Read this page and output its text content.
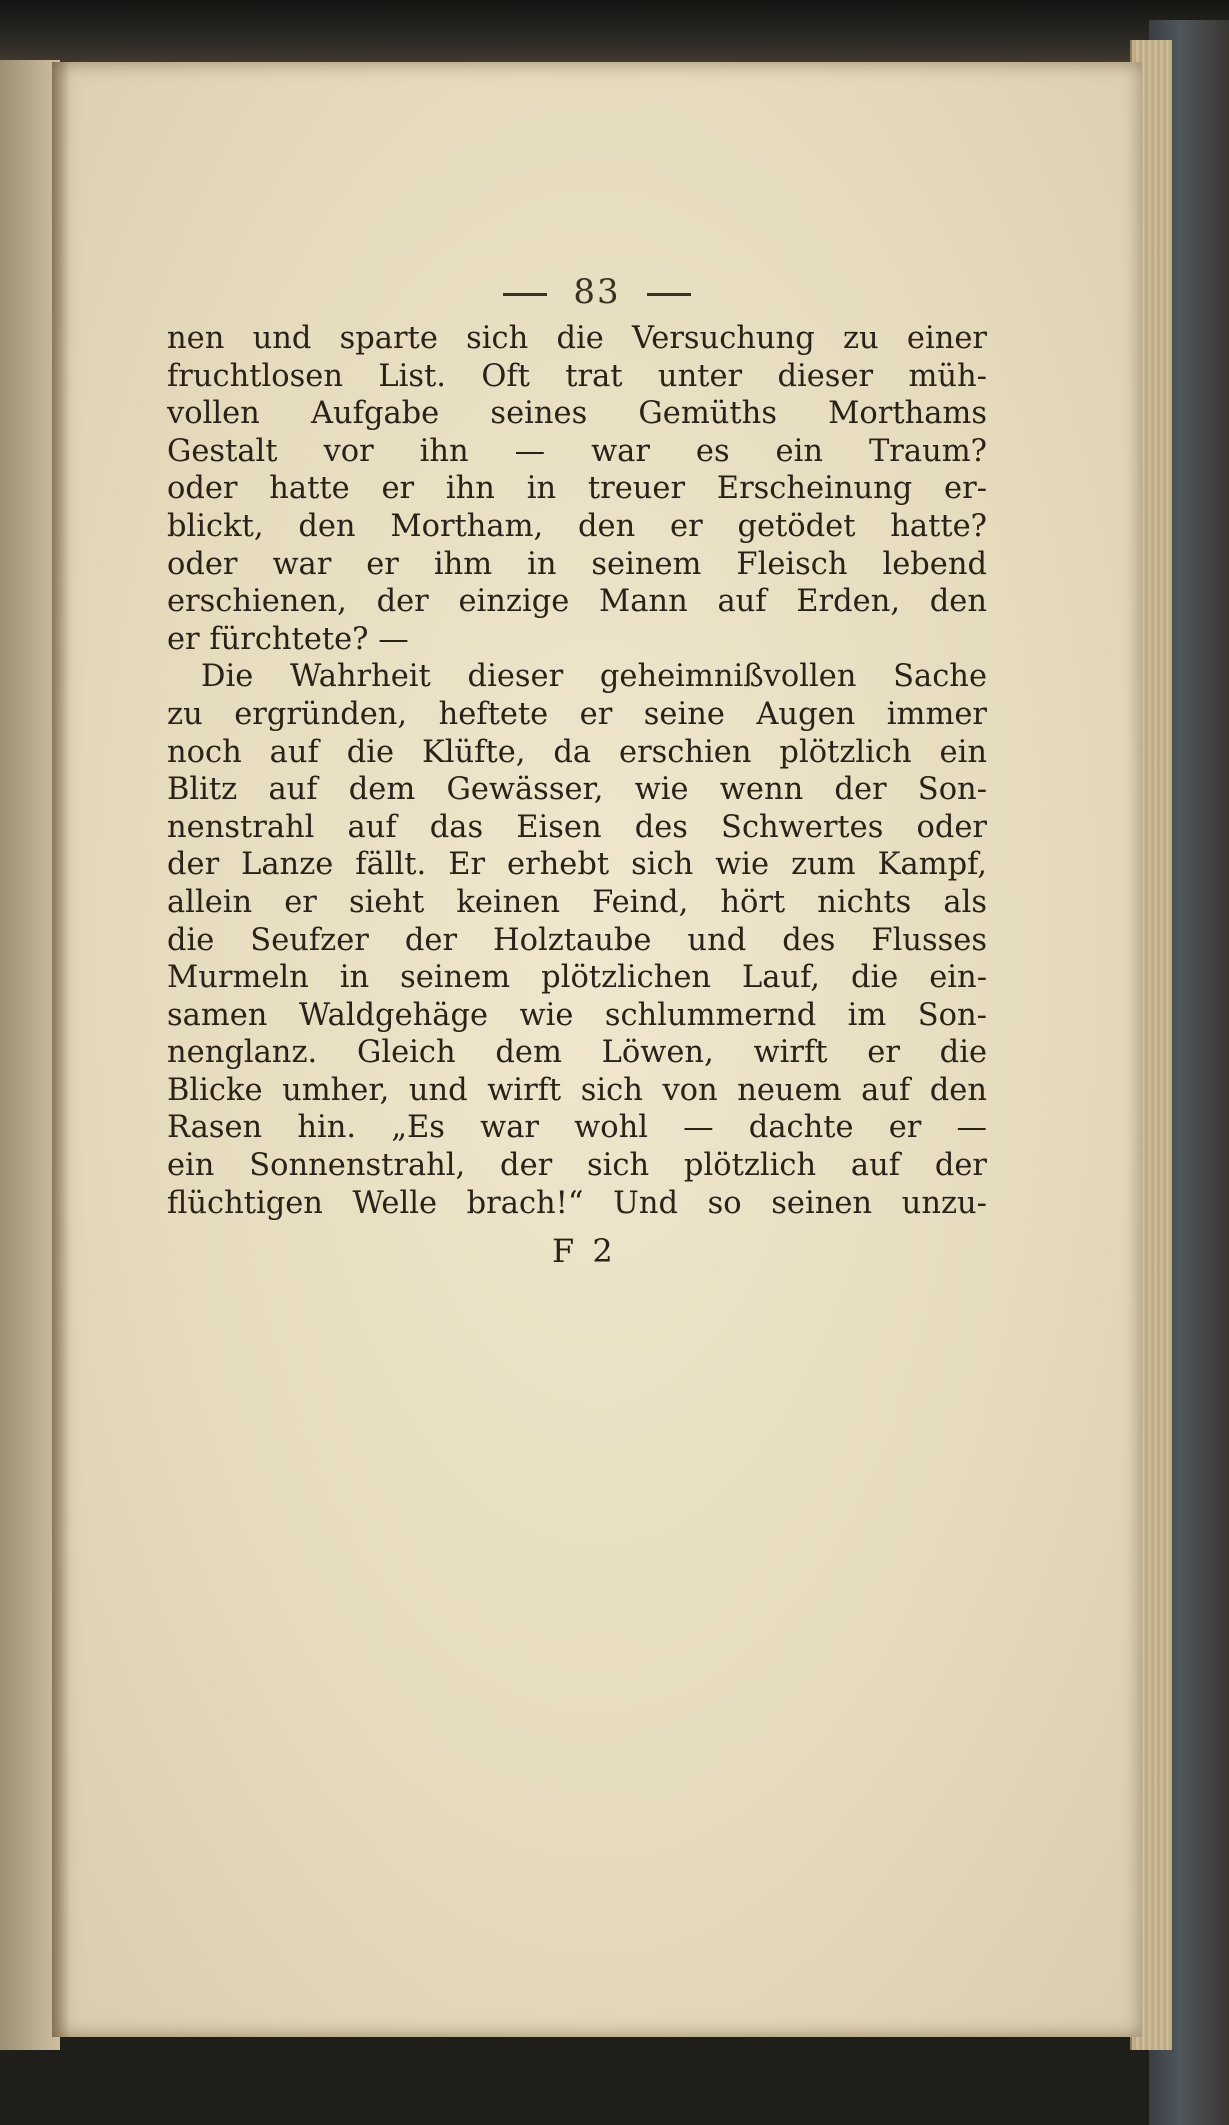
83
nen und sparte sich die Versuchung zu einer
fruchtlosen List. Oft trat unter dieser müh-
vollen Aufgabe seines Gemüths Morthams
Gestalt vor ihn — war es ein Traum?
oder hatte er ihn in treuer Erscheinung er-
blickt, den Mortham, den er getödet hatte?
oder war er ihm in seinem Fleisch lebend
erschienen, der einzige Mann auf Erden, den
er fürchtete? —
Die Wahrheit dieser geheimnißvollen Sache
zu ergründen, heftete er seine Augen immer
noch auf die Klüfte, da erschien plötzlich ein
Blitz auf dem Gewässer, wie wenn der Son-
nenstrahl auf das Eisen des Schwertes oder
der Lanze fällt. Er erhebt sich wie zum Kampf,
allein er sieht keinen Feind, hört nichts als
die Seufzer der Holztaube und des Flusses
Murmeln in seinem plötzlichen Lauf, die ein-
samen Waldgehäge wie schlummernd im Son-
nenglanz. Gleich dem Löwen, wirft er die
Blicke umher, und wirft sich von neuem auf den
Rasen hin. „Es war wohl — dachte er —
ein Sonnenstrahl, der sich plötzlich auf der
flüchtigen Welle brach!“ Und so seinen unzu-
F 2
